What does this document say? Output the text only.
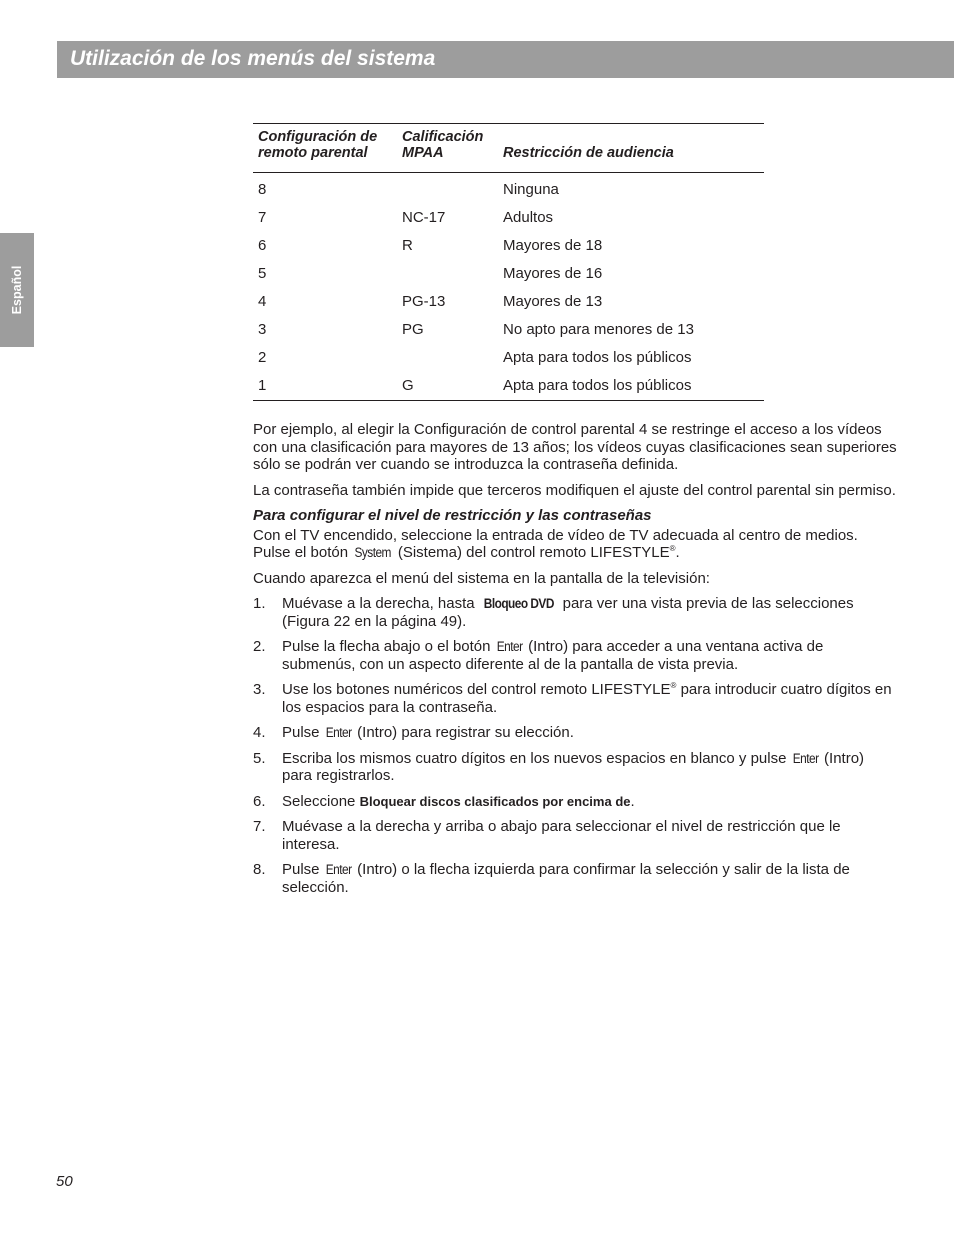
Utilización de los menús del sistema
Español
Configuración de remoto parental	Calificación MPAA	Restricción de audiencia
8		Ninguna
7	NC-17	Adultos
6	R	Mayores de 18
5		Mayores de 16
4	PG-13	Mayores de 13
3	PG	No apto para menores de 13
2		Apta para todos los públicos
1	G	Apta para todos los públicos

Por ejemplo, al elegir la Configuración de control parental 4 se restringe el acceso a los vídeos con una clasificación para mayores de 13 años; los vídeos cuyas clasificaciones sean superiores sólo se podrán ver cuando se introduzca la contraseña definida.

La contraseña también impide que terceros modifiquen el ajuste del control parental sin permiso.

Para configurar el nivel de restricción y las contraseñas

Con el TV encendido, seleccione la entrada de vídeo de TV adecuada al centro de medios. Pulse el botón System (Sistema) del control remoto LIFESTYLE®.

Cuando aparezca el menú del sistema en la pantalla de la televisión:

1. Muévase a la derecha, hasta Bloqueo DVD para ver una vista previa de las selecciones (Figura 22 en la página 49).
2. Pulse la flecha abajo o el botón Enter (Intro) para acceder a una ventana activa de submenús, con un aspecto diferente al de la pantalla de vista previa.
3. Use los botones numéricos del control remoto LIFESTYLE® para introducir cuatro dígitos en los espacios para la contraseña.
4. Pulse Enter (Intro) para registrar su elección.
5. Escriba los mismos cuatro dígitos en los nuevos espacios en blanco y pulse Enter (Intro) para registrarlos.
6. Seleccione Bloquear discos clasificados por encima de.
7. Muévase a la derecha y arriba o abajo para seleccionar el nivel de restricción que le interesa.
8. Pulse Enter (Intro) o la flecha izquierda para confirmar la selección y salir de la lista de selección.
50
